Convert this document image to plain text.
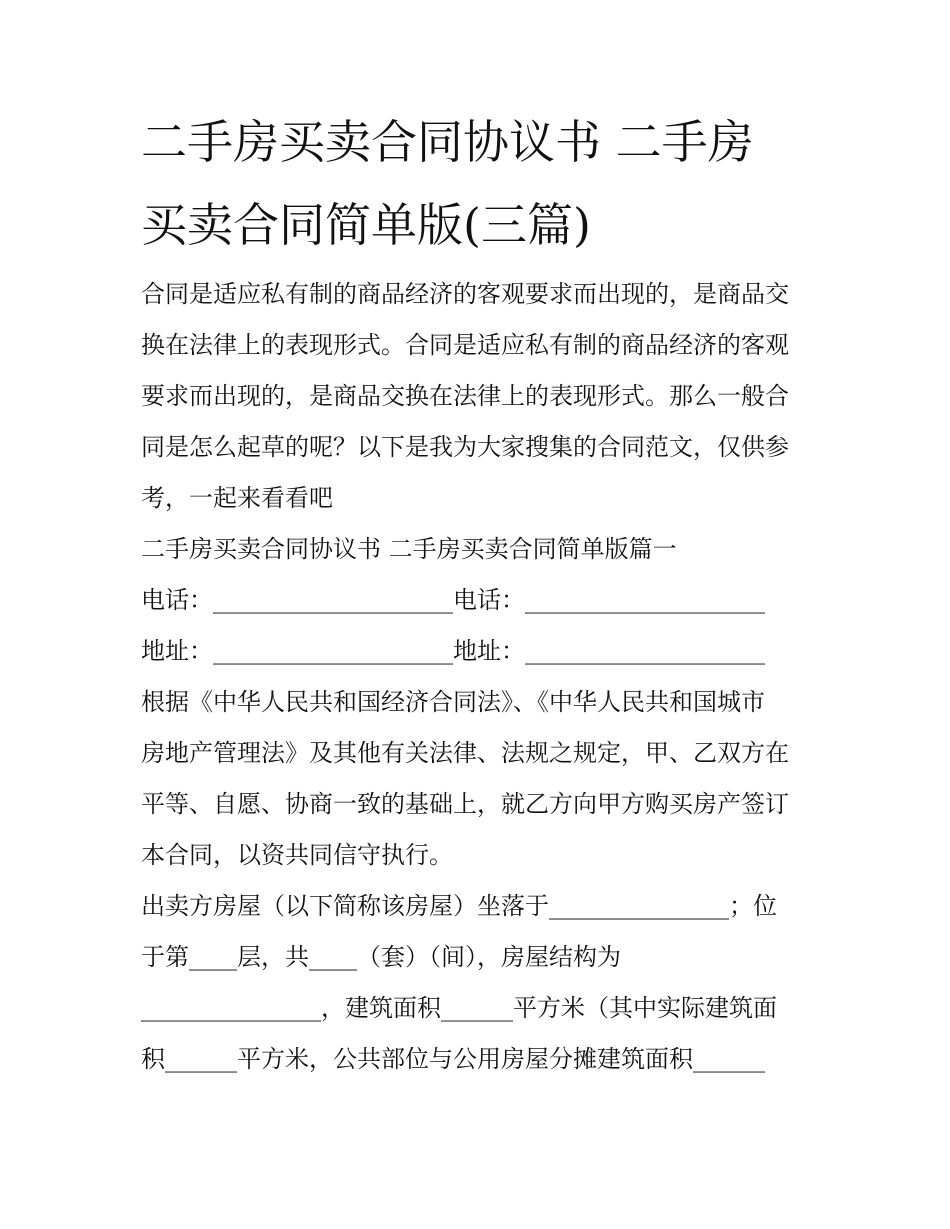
二手房买卖合同协议书 二手房
买卖合同简单版(三篇)
合同是适应私有制的商品经济的客观要求而出现的，是商品交
换在法律上的表现形式。合同是适应私有制的商品经济的客观
要求而出现的，是商品交换在法律上的表现形式。那么一般合
同是怎么起草的呢？以下是我为大家搜集的合同范文，仅供参
考，一起来看看吧
二手房买卖合同协议书 二手房买卖合同简单版篇一
电话：____________________电话：____________________
地址：____________________地址：____________________
根据《中华人民共和国经济合同法》、《中华人民共和国城市
房地产管理法》及其他有关法律、法规之规定，甲、乙双方在
平等、自愿、协商一致的基础上，就乙方向甲方购买房产签订
本合同，以资共同信守执行。
出卖方房屋（以下简称该房屋）坐落于_______________；位
于第____层，共____（套）（间），房屋结构为
_______________，建筑面积______平方米（其中实际建筑面
积______平方米，公共部位与公用房屋分摊建筑面积______
